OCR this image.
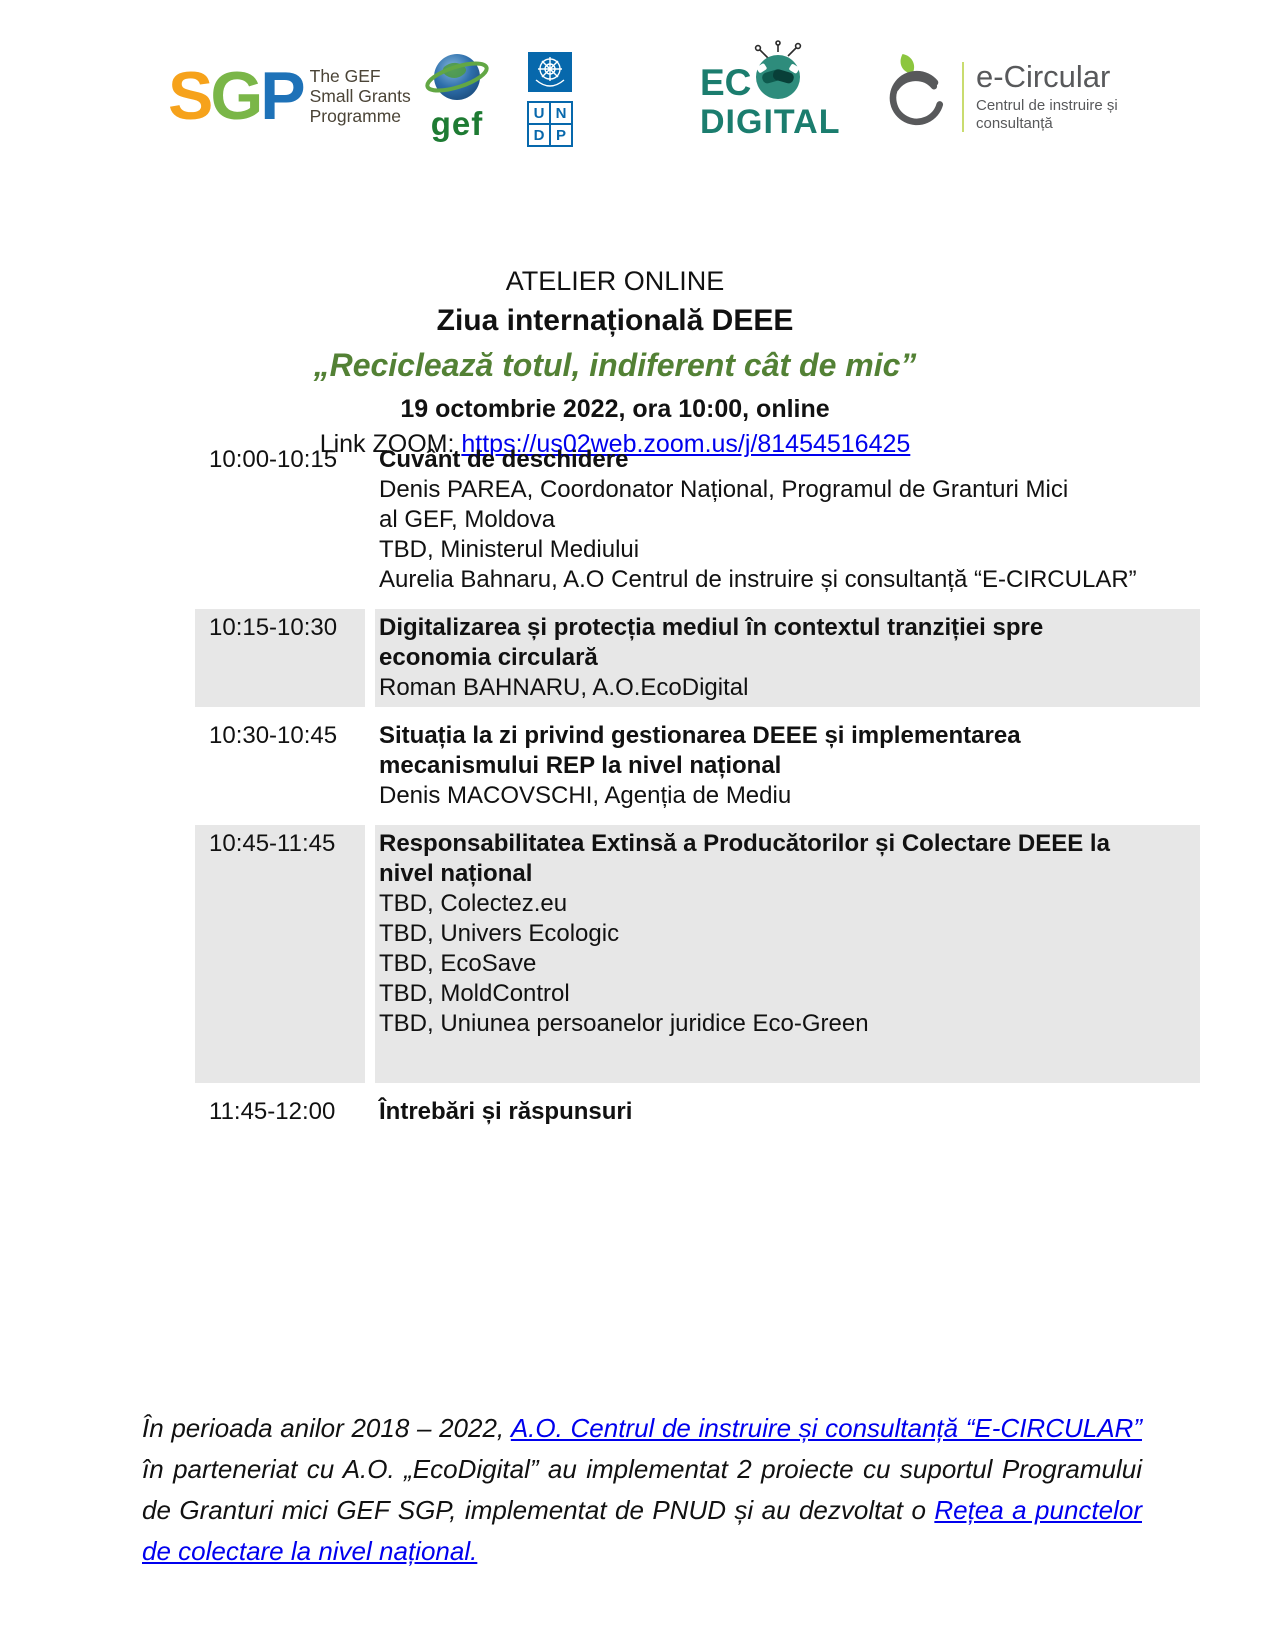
SGP The GEF
Small Grants
Programme gef	U N
D P
EC
DIGITAL
e-Circular
Centrul de instruire și
consultanță
ATELIER ONLINE
Ziua internațională DEEE
„Reciclează totul, indiferent cât de mic”
19 octombrie 2022, ora 10:00, online
Link ZOOM: https://us02web.zoom.us/j/81454516425
10:00-10:15	Cuvânt de deschidere
Denis PAREA, Coordonator Național, Programul de Granturi Mici
al GEF, Moldova
TBD, Ministerul Mediului
Aurelia Bahnaru, A.O Centrul de instruire și consultanță “E-CIRCULAR”
10:15-10:30	Digitalizarea și protecția mediul în contextul tranziției spre
economia circulară
Roman BAHNARU, A.O.EcoDigital
10:30-10:45	Situația la zi privind gestionarea DEEE și implementarea
mecanismului REP la nivel național
Denis MACOVSCHI, Agenția de Mediu
10:45-11:45	Responsabilitatea Extinsă a Producătorilor și Colectare DEEE la
nivel național
TBD, Colectez.eu
TBD, Univers Ecologic
TBD, EcoSave
TBD, MoldControl
TBD, Uniunea persoanelor juridice Eco-Green
11:45-12:00	Întrebări și răspunsuri

În perioada anilor 2018 – 2022, A.O. Centrul de instruire și consultanță “E-CIRCULAR” în parteneriat cu A.O. „EcoDigital” au implementat 2 proiecte cu suportul Programului de Granturi mici GEF SGP, implementat de PNUD și au dezvoltat o Rețea a punctelor de colectare la nivel național.
